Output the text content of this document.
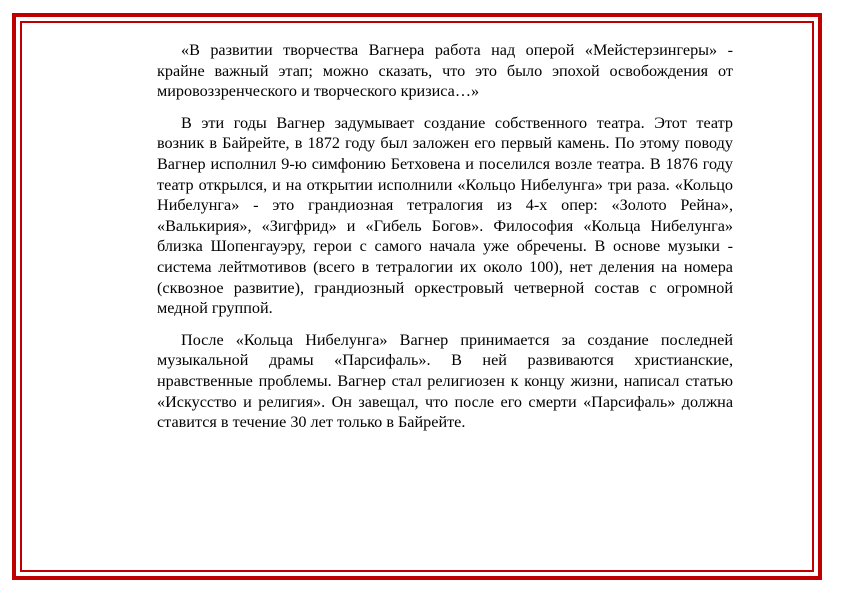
«В развитии творчества Вагнера работа над оперой «Мейстерзингеры» - крайне важный этап; можно сказать, что это было эпохой освобождения от мировоззренческого и творческого кризиса…»

В эти годы Вагнер задумывает создание собственного театра. Этот театр возник в Байрейте, в 1872 году был заложен его первый камень. По этому поводу Вагнер исполнил 9-ю симфонию Бетховена и поселился возле театра. В 1876 году театр открылся, и на открытии исполнили «Кольцо Нибелунга» три раза. «Кольцо Нибелунга» - это грандиозная тетралогия из 4-х опер: «Золото Рейна», «Валькирия», «Зигфрид» и «Гибель Богов». Философия «Кольца Нибелунга» близка Шопенгауэру, герои с самого начала уже обречены. В основе музыки - система лейтмотивов (всего в тетралогии их около 100), нет деления на номера (сквозное развитие), грандиозный оркестровый четверной состав с огромной медной группой.

После «Кольца Нибелунга» Вагнер принимается за создание последней музыкальной драмы «Парсифаль». В ней развиваются христианские, нравственные проблемы. Вагнер стал религиозен к концу жизни, написал статью «Искусство и религия». Он завещал, что после его смерти «Парсифаль» должна ставится в течение 30 лет только в Байрейте.
